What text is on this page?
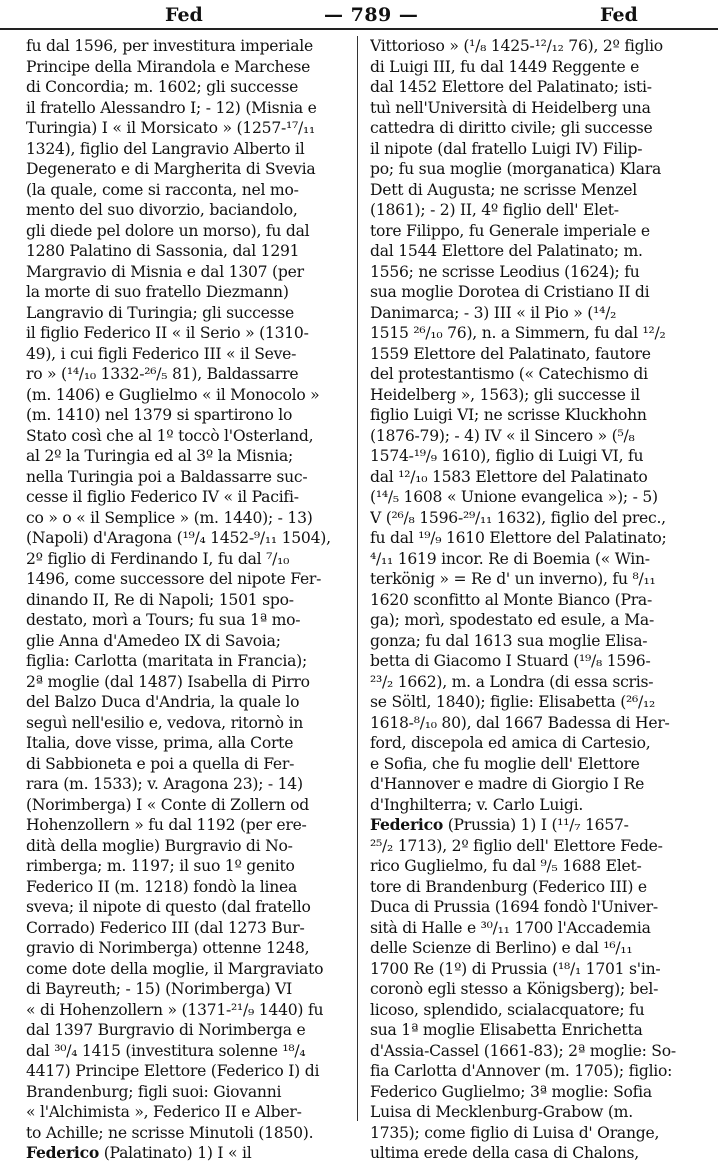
Fed	— 789 —	Fed
fu dal 1596, per investitura imperiale
Principe della Mirandola e Marchese
di Concordia; m. 1602; gli successe
il fratello Alessandro I; - 12) (Misnia e
Turingia) I « il Morsicato » (1257-¹⁷/₁₁
1324), figlio del Langravio Alberto il
Degenerato e di Margherita di Svevia
(la quale, come si racconta, nel mo-
mento del suo divorzio, baciandolo,
gli diede pel dolore un morso), fu dal
1280 Palatino di Sassonia, dal 1291
Margravio di Misnia e dal 1307 (per
la morte di suo fratello Diezmann)
Langravio di Turingia; gli successe
il figlio Federico II « il Serio » (1310-
49), i cui figli Federico III « il Seve-
ro » (¹⁴/₁₀ 1332-²⁶/₅ 81), Baldassarre
(m. 1406) e Guglielmo « il Monocolo »
(m. 1410) nel 1379 si spartirono lo
Stato così che al 1º toccò l'Osterland,
al 2º la Turingia ed al 3º la Misnia;
nella Turingia poi a Baldassarre suc-
cesse il figlio Federico IV « il Pacifi-
co » o « il Semplice » (m. 1440); - 13)
(Napoli) d'Aragona (¹⁹/₄ 1452-⁹/₁₁ 1504),
2º figlio di Ferdinando I, fu dal ⁷/₁₀
1496, come successore del nipote Fer-
dinando II, Re di Napoli; 1501 spo-
destato, morì a Tours; fu sua 1ª mo-
glie Anna d'Amedeo IX di Savoia;
figlia: Carlotta (maritata in Francia);
2ª moglie (dal 1487) Isabella di Pirro
del Balzo Duca d'Andria, la quale lo
seguì nell'esilio e, vedova, ritornò in
Italia, dove visse, prima, alla Corte
di Sabbioneta e poi a quella di Fer-
rara (m. 1533); v. Aragona 23); - 14)
(Norimberga) I « Conte di Zollern od
Hohenzollern » fu dal 1192 (per ere-
dità della moglie) Burgravio di No-
rimberga; m. 1197; il suo 1º genito
Federico II (m. 1218) fondò la linea
sveva; il nipote di questo (dal fratello
Corrado) Federico III (dal 1273 Bur-
gravio di Norimberga) ottenne 1248,
come dote della moglie, il Margraviato
di Bayreuth; - 15) (Norimberga) VI
« di Hohenzollern » (1371-²¹/₉ 1440) fu
dal 1397 Burgravio di Norimberga e
dal ³⁰/₄ 1415 (investitura solenne ¹⁸/₄
4417) Principe Elettore (Federico I) di
Brandenburg; figli suoi: Giovanni
« l'Alchimista », Federico II e Alber-
to Achille; ne scrisse Minutoli (1850).
Federico (Palatinato) 1) I « il
Vittorioso » (¹/₈ 1425-¹²/₁₂ 76), 2º figlio
di Luigi III, fu dal 1449 Reggente e
dal 1452 Elettore del Palatinato; isti-
tuì nell'Università di Heidelberg una
cattedra di diritto civile; gli successe
il nipote (dal fratello Luigi IV) Filip-
po; fu sua moglie (morganatica) Klara
Dett di Augusta; ne scrisse Menzel
(1861); - 2) II, 4º figlio dell' Elet-
tore Filippo, fu Generale imperiale e
dal 1544 Elettore del Palatinato; m.
1556; ne scrisse Leodius (1624); fu
sua moglie Dorotea di Cristiano II di
Danimarca; - 3) III « il Pio » (¹⁴/₂
1515 ²⁶/₁₀ 76), n. a Simmern, fu dal ¹²/₂
1559 Elettore del Palatinato, fautore
del protestantismo (« Catechismo di
Heidelberg », 1563); gli successe il
figlio Luigi VI; ne scrisse Kluckhohn
(1876-79); - 4) IV « il Sincero » (⁵/₈
1574-¹⁹/₉ 1610), figlio di Luigi VI, fu
dal ¹²/₁₀ 1583 Elettore del Palatinato
(¹⁴/₅ 1608 « Unione evangelica »); - 5)
V (²⁶/₈ 1596-²⁹/₁₁ 1632), figlio del prec.,
fu dal ¹⁹/₉ 1610 Elettore del Palatinato;
⁴/₁₁ 1619 incor. Re di Boemia (« Win-
terkönig » = Re d' un inverno), fu ⁸/₁₁
1620 sconfitto al Monte Bianco (Pra-
ga); morì, spodestato ed esule, a Ma-
gonza; fu dal 1613 sua moglie Elisa-
betta di Giacomo I Stuard (¹⁹/₈ 1596-
²³/₂ 1662), m. a Londra (di essa scris-
se Söltl, 1840); figlie: Elisabetta (²⁶/₁₂
1618-⁸/₁₀ 80), dal 1667 Badessa di Her-
ford, discepola ed amica di Cartesio,
e Sofia, che fu moglie dell' Elettore
d'Hannover e madre di Giorgio I Re
d'Inghilterra; v. Carlo Luigi.
Federico (Prussia) 1) I (¹¹/₇ 1657-
²⁵/₂ 1713), 2º figlio dell' Elettore Fede-
rico Guglielmo, fu dal ⁹/₅ 1688 Elet-
tore di Brandenburg (Federico III) e
Duca di Prussia (1694 fondò l'Univer-
sità di Halle e ³⁰/₁₁ 1700 l'Accademia
delle Scienze di Berlino) e dal ¹⁶/₁₁
1700 Re (1º) di Prussia (¹⁸/₁ 1701 s'in-
coronò egli stesso a Königsberg); bel-
licoso, splendido, scialacquatore; fu
sua 1ª moglie Elisabetta Enrichetta
d'Assia-Cassel (1661-83); 2ª moglie: So-
fia Carlotta d'Annover (m. 1705); figlio:
Federico Guglielmo; 3ª moglie: Sofia
Luisa di Mecklenburg-Grabow (m.
1735); come figlio di Luisa d' Orange,
ultima erede della casa di Chalons,
